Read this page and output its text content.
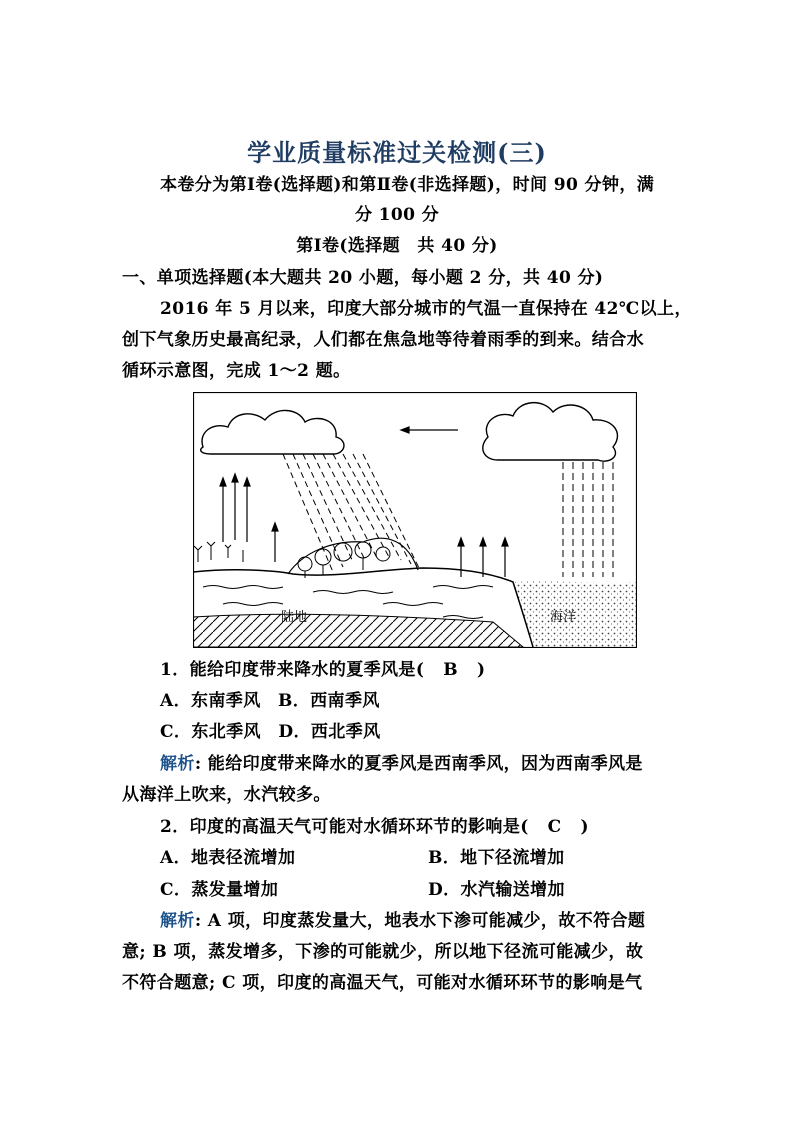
学业质量标准过关检测(三)
本卷分为第Ⅰ卷(选择题)和第Ⅱ卷(非选择题)，时间 90 分钟，满
分 100 分
第Ⅰ卷(选择题　共 40 分)
一、单项选择题(本大题共 20 小题，每小题 2 分，共 40 分)
2016 年 5 月以来，印度大部分城市的气温一直保持在 42℃以上，
创下气象历史最高纪录，人们都在焦急地等待着雨季的到来。结合水
循环示意图，完成 1～2 题。
陆地	海洋
1．能给印度带来降水的夏季风是( B )
A．东南季风　B．西南季风
C．东北季风　D．西北季风
解析: 能给印度带来降水的夏季风是西南季风，因为西南季风是
从海洋上吹来，水汽较多。
2．印度的高温天气可能对水循环环节的影响是( C )
A．地表径流增加	B．地下径流增加
C．蒸发量增加	D．水汽输送增加
解析: A 项，印度蒸发量大，地表水下渗可能减少，故不符合题
意; B 项，蒸发增多，下渗的可能就少，所以地下径流可能减少，故
不符合题意; C 项，印度的高温天气，可能对水循环环节的影响是气
